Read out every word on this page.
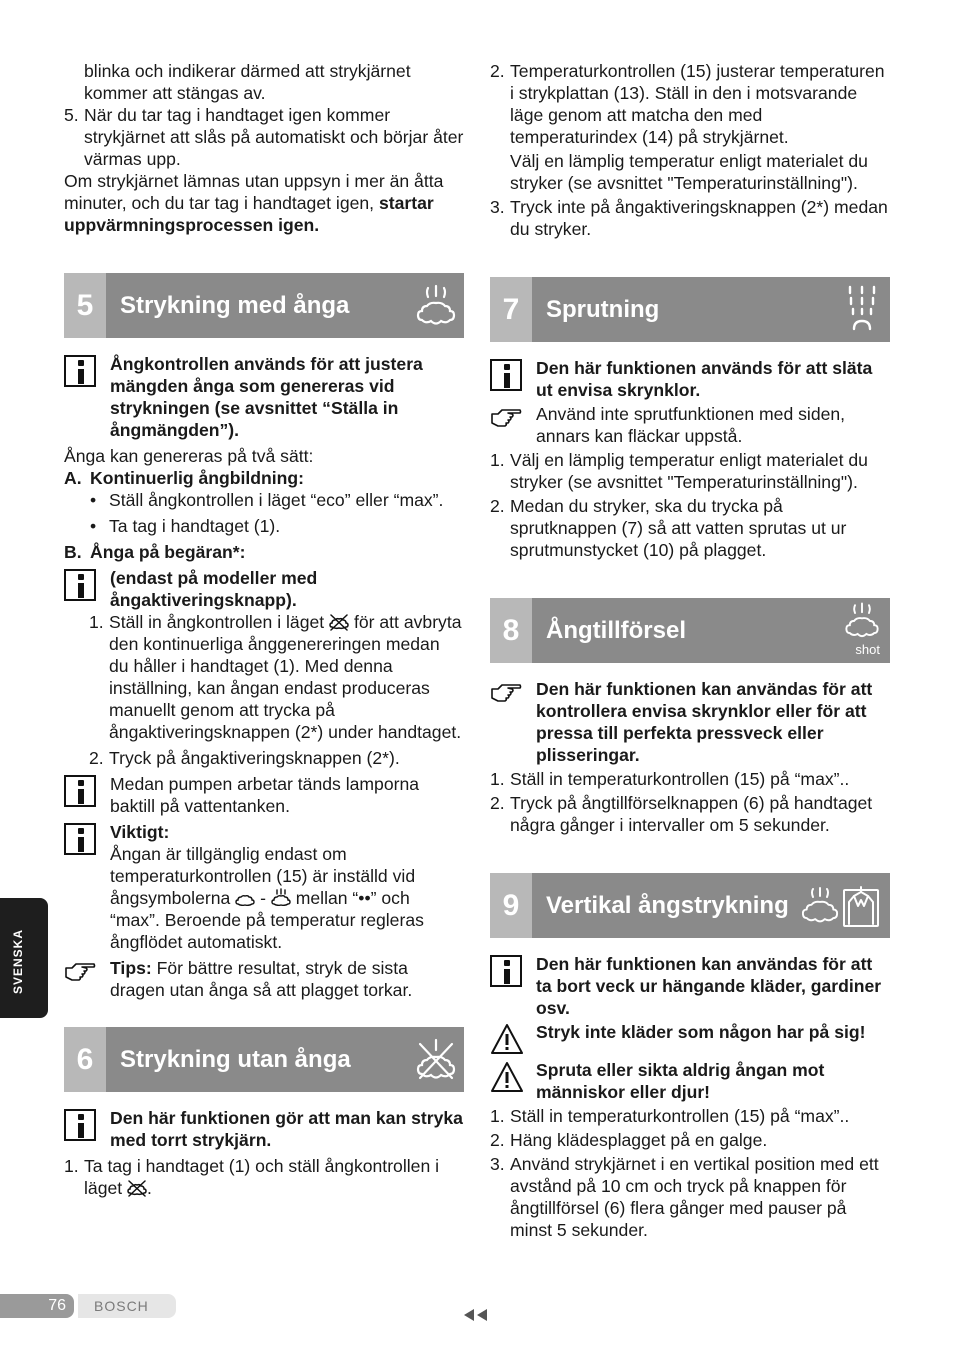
blinka och indikerar därmed att strykjärnet kommer att stängas av.
5. När du tar tag i handtaget igen kommer strykjärnet att slås på automatiskt och börjar åter värmas upp.
Om strykjärnet lämnas utan uppsyn i mer än åtta minuter, och du tar tag i handtaget igen, startar uppvärmningsprocessen igen.
5	Strykning med ånga
Ångkontrollen används för att justera mängden ånga som genereras vid strykningen (se avsnittet “Ställa in ångmängden”).
Ånga kan genereras på två sätt:
A. Kontinuerlig ångbildning:
• Ställ ångkontrollen i läget “eco” eller “max”.
• Ta tag i handtaget (1).
B. Ånga på begäran*:
(endast på modeller med ångaktiveringsknapp).
1. Ställ in ångkontrollen i läget för att avbryta den kontinuerliga ånggenereringen medan du håller i handtaget (1). Med denna inställning, kan ångan endast produceras manuellt genom att trycka på ångaktiveringsknappen (2*) under handtaget.
2. Tryck på ångaktiveringsknappen (2*).
Medan pumpen arbetar tänds lamporna baktill på vattentanken.
Viktigt:
Ångan är tillgänglig endast om temperaturkontrollen (15) är inställd vid ångsymbolerna - mellan “••” och “max”. Beroende på temperatur regleras ångflödet automatiskt.
Tips: För bättre resultat, stryk de sista dragen utan ånga så att plagget torkar.
6	Strykning utan ånga
Den här funktionen gör att man kan stryka med torrt strykjärn.
1. Ta tag i handtaget (1) och ställ ångkontrollen i läget .
2. Temperaturkontrollen (15) justerar temperaturen i strykplattan (13). Ställ in den i motsvarande läge genom att matcha den med temperaturindex (14) på strykjärnet.
Välj en lämplig temperatur enligt materialet du stryker (se avsnittet "Temperaturinställning").
3. Tryck inte på ångaktiveringsknappen (2*) medan du stryker.
7	Sprutning
Den här funktionen används för att släta ut envisa skrynklor.
Använd inte sprutfunktionen med siden, annars kan fläckar uppstå.
1. Välj en lämplig temperatur enligt materialet du stryker (se avsnittet "Temperaturinställning").
2. Medan du stryker, ska du trycka på sprutknappen (7) så att vatten sprutas ut ur sprutmunstycket (10) på plagget.
8	Ångtillförsel
shot
Den här funktionen kan användas för att kontrollera envisa skrynklor eller för att pressa till perfekta pressveck eller plisseringar.
1. Ställ in temperaturkontrollen (15) på “max”..
2. Tryck på ångtillförselknappen (6) på handtaget några gånger i intervaller om 5 sekunder.
9	Vertikal ångstrykning
Den här funktionen kan användas för att ta bort veck ur hängande kläder, gardiner osv.
Stryk inte kläder som någon har på sig!
Spruta eller sikta aldrig ångan mot människor eller djur!
1. Ställ in temperaturkontrollen (15) på “max”..
2. Häng klädesplagget på en galge.
3. Använd strykjärnet i en vertikal position med ett avstånd på 10 cm och tryck på knappen för ångtillförsel (6) flera gånger med pauser på minst 5 sekunder.
SVENSKA
76	BOSCH
